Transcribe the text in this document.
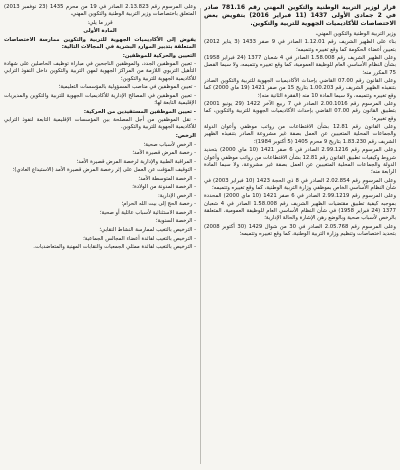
قرار لوزير التربية الوطنية والتكوين المهني رقم 781.16 صادر في 2 جمادى الأولى 1437 (11 فبراير 2016) بتفويض بعض الاختصاصات للأكاديميات الجهوية للتربية والتكوين.

وزير التربية الوطنية والتكوين المهني،

بناء على الظهير الشريف رقم 1.12.01 الصادر في 9 صفر 1433 (3 يناير 2012) بتعيين أعضاء الحكومة كما وقع تغييره وتتميمه؛

وعلى الظهير الشريف رقم 1.58.008 الصادر في 4 شعبان 1377 (24 فبراير 1958) بشأن النظام الأساسي العام للوظيفة العمومية، كما وقع تغييره وتتميمه، ولا سيما الفصل 75 المكرر منه؛

وعلى القانون رقم 07.00 القاضي بإحداث الأكاديميات الجهوية للتربية والتكوين الصادر بتنفيذه الظهير الشريف رقم 1.00.203 بتاريخ 15 من صفر 1421 (19 ماي 2000) كما وقع تغييره وتتميمه، ولا سيما المادة 10 منه (الفقرة الثانية منه)؛

وعلى المرسوم رقم 2.00.1016 الصادر في 7 ربيع الآخر 1422 (29 يونيو 2001) بتطبيق القانون رقم 07.00 القاضي بإحداث الأكاديميات الجهوية للتربية والتكوين، كما وقع تغييره؛

وعلى القانون رقم 12.81 بشأن الاقتطاعات من رواتب موظفي وأعوان الدولة والجماعات المحلية المتغيبين عن العمل بصفة غير مشروعة الصادر بتنفيذه الظهير الشريف رقم 1.83.230 بتاريخ 9 محرم 1405 (5 أكتوبر 1984)؛

وعلى المرسوم رقم 2.99.1216 الصادر في 6 صفر 1421 (10 ماي 2000) بتحديد شروط وكيفيات تطبيق القانون رقم 12.81 بشأن الاقتطاعات من رواتب موظفي وأعوان الدولة والجماعات المحلية المتغيبين عن العمل بصفة غير مشروعة، ولا سيما المادة الرابعة منه؛

وعلى المرسوم رقم 2.02.854 الصادر في 8 ذي الحجة 1423 (10 فبراير 2003) في شأن النظام الأساسي الخاص بموظفي وزارة التربية الوطنية، كما وقع تغييره وتتميمه؛

وعلى المرسوم رقم 2.99.1219 الصادر في 6 صفر 1421 (10 ماي 2000) المحددة بموجبه كيفية تطبيق مقتضيات الظهير الشريف رقم 1.58.008 الصادر في 4 شعبان 1377 (24 فبراير 1958) في شأن النظام الأساسي العام للوظيفة العمومية، المتعلقة بالرخص لأسباب صحية وبالوضع رهن الإشارة والحالة الإدارية؛

وعلى المرسوم رقم 2.05.768 الصادر في 30 من شوال 1429 (30 أكتوبر 2008) بتحديد اختصاصات وتنظيم وزارة التربية الوطنية، كما وقع تغييره وتتميمه؛

وعلى المرسوم رقم 2.13.823 الصادر في 19 من محرم 1435 (23 نوفمبر 2013) المتعلق باختصاصات وزير التربية الوطنية والتكوين المهني،

قرر ما يلي:

المادة الأولى

يفوض إلى الأكاديميات الجهوية للتربية والتكوين ممارسة الاختصاصات المتعلقة بتدبير الموارد البشرية في المجالات التالية:

التعيين والحركية للموظفين:

- تعيين الموظفين الجدد، والموظفين الناجحين في مباراة توظيف الحاصلين على شهادة التأهيل التربوي اللازمة من المراكز الجهوية لمهن التربية والتكوين داخل النفوذ الترابي للأكاديمية الجهوية للتربية والتكوين؛

- تعيين الموظفين في مناصب المسؤولية بالمؤسسات التعليمية؛

- تعيين الموظفين في المصالح الإدارية للأكاديميات الجهوية للتربية والتكوين والمديريات الإقليمية التابعة لها؛

- تعيين الموظفين المستفيدين من الحركية:

- نقل الموظفين من أجل المصلحة بين المؤسسات الإقليمية التابعة لنفوذ الترابي للأكاديمية الجهوية للتربية والتكوين.

الرخص:

- الرخص لأسباب صحية؛

- رخصة المرض قصيرة الأمد؛

- المراقبة الطبية والإدارية لرخصة المرض قصيرة الأمد؛

- التوقيف المؤقت عن العمل على إثر رخصة المرض قصيرة الأمد (الاستيداع العادي)؛

- الرخصة المتوسطة الأمد؛

- الرخصة المدونة من الولادة؛

- الرخص الإدارية:

- رخصة الحج إلى بيت الله الحرام؛

- الرخصة الاستثنائية لأسباب عائلية أو صحية؛

- الرخصة السنوية؛

- الترخيص بالتغيب لممارسة النشاط النقابي؛

- الترخيص بالتغيب لفائدة أعضاء المجالس الجماعية؛

- الترخيص بالتغيب لفائدة ممثلي الجمعيات والنقابات المهنية والمتعاضديات.
